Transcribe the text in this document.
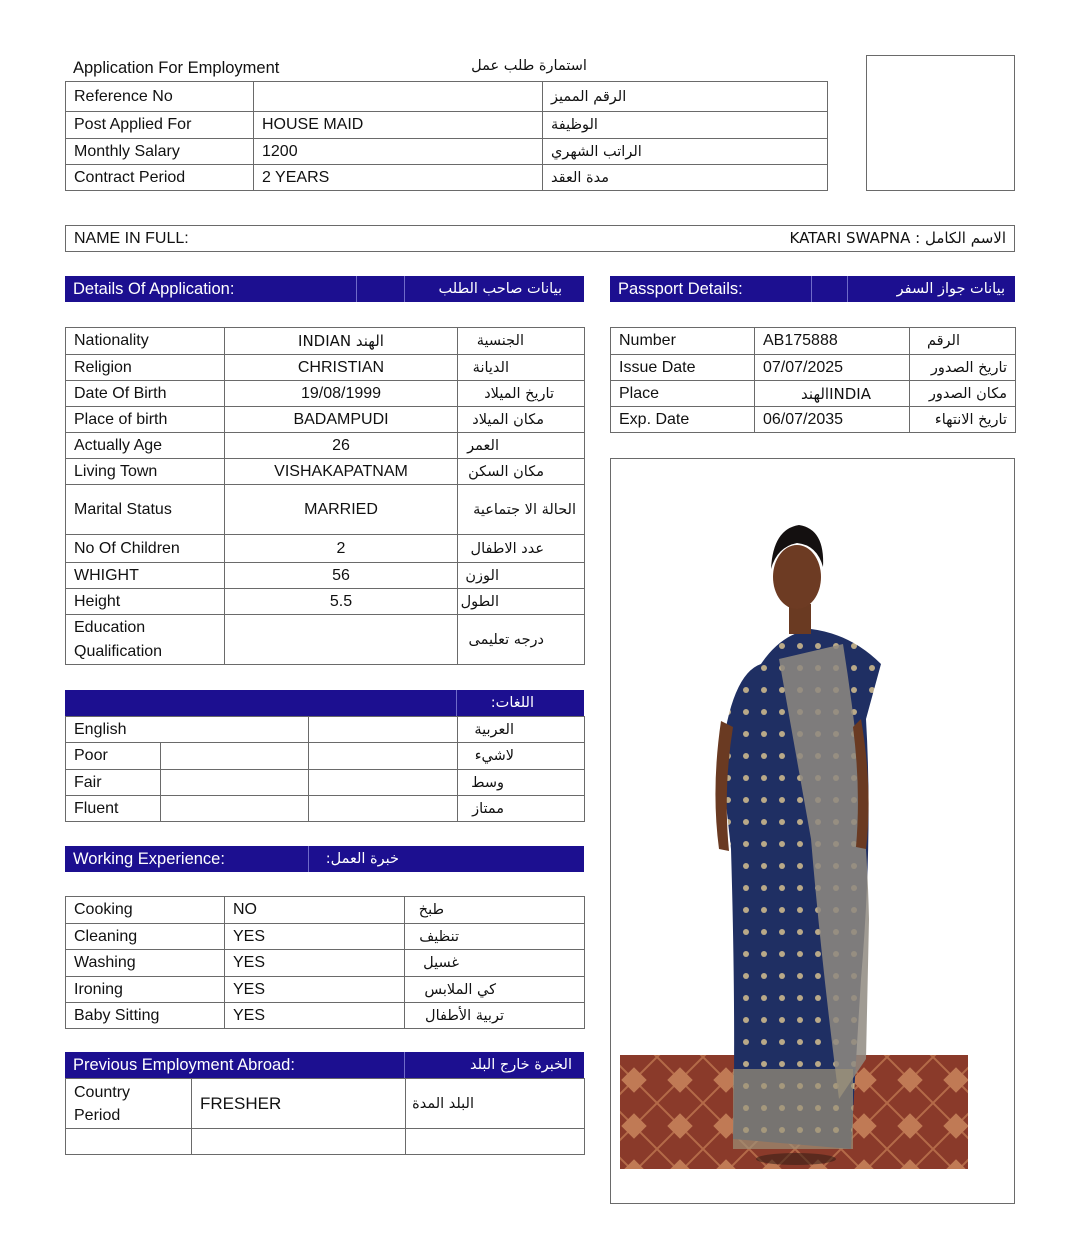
Application For Employment	استمارة طلب عمل
Reference No		الرقم المميز
Post Applied For	HOUSE MAID	الوظيفة
Monthly Salary	1200	الراتب الشهري
Contract Period	2 YEARS	مدة العقد
NAME IN FULL:	KATARI SWAPNA : الاسم الكامل
Details Of Application:	بيانات صاحب الطلب	Passport Details:	بيانات جواز السفر
Nationality	INDIAN الهند	الجنسية
Religion	CHRISTIAN	الديانة
Date Of Birth	19/08/1999	تاريخ الميلاد
Place of birth	BADAMPUDI	مكان الميلاد
Actually Age	26	العمر
Living Town	VISHAKAPATNAM	مكان السكن
Marital Status	MARRIED	الحالة الا جتماعية
No Of Children	2	عدد الاطفال
WHIGHT	56	الوزن
Height	5.5	الطول
Education Qualification		درجه تعليمى
Number	AB175888	الرقم
Issue Date	07/07/2025	تاريخ الصدور
Place	الهندINDIA	مكان الصدور
Exp. Date	06/07/2035	تاريخ الانتهاء
اللغات:
English			العربية
Poor			لاشيء
Fair			وسط
Fluent			ممتاز
Working Experience:	خبرة العمل:
Cooking	NO	طبخ
Cleaning	YES	تنظيف
Washing	YES	غسيل
Ironing	YES	كي الملابس
Baby Sitting	YES	تربية الأطفال
Previous Employment Abroad:	الخبرة خارج البلد
Country Period	FRESHER	البلد المدة
